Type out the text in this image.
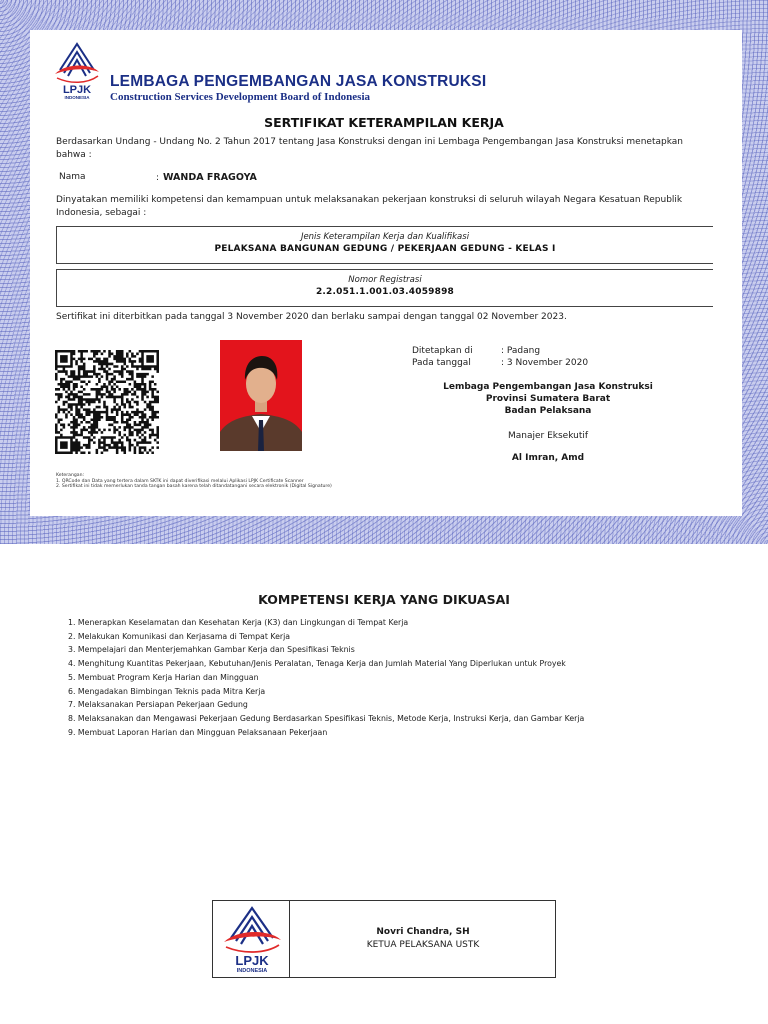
LPJK
INDONESIA
LEMBAGA PENGEMBANGAN JASA KONSTRUKSI
Construction Services Development Board of Indonesia
SERTIFIKAT KETERAMPILAN KERJA
Berdasarkan Undang - Undang No. 2 Tahun 2017 tentang Jasa Konstruksi dengan ini Lembaga Pengembangan Jasa Konstruksi menetapkan bahwa :
Nama	: WANDA FRAGOYA
Dinyatakan memiliki kompetensi dan kemampuan untuk melaksanakan pekerjaan konstruksi di seluruh wilayah Negara Kesatuan Republik Indonesia, sebagai :
Jenis Keterampilan Kerja dan Kualifikasi
PELAKSANA BANGUNAN GEDUNG / PEKERJAAN GEDUNG - KELAS I
Nomor Registrasi
2.2.051.1.001.03.4059898
Sertifikat ini diterbitkan pada tanggal 3 November 2020 dan berlaku sampai dengan tanggal 02 November 2023.
Ditetapkan di	: Padang
Pada tanggal	: 3 November 2020
Lembaga Pengembangan Jasa Konstruksi
Provinsi Sumatera Barat
Badan Pelaksana
Manajer Eksekutif
Al Imran, Amd
Keterangan:
1. QRCode dan Data yang tertera dalam SKTK ini dapat diverifikasi melalui Aplikasi LPJK Certificate Scanner
2. Sertifikat ini tidak memerlukan tanda tangan basah karena telah ditandatangani secara elektronik (Digital Signature)
KOMPETENSI KERJA YANG DIKUASAI
1. Menerapkan Keselamatan dan Kesehatan Kerja (K3) dan Lingkungan di Tempat Kerja
2. Melakukan Komunikasi dan Kerjasama di Tempat Kerja
3. Mempelajari dan Menterjemahkan Gambar Kerja dan Spesifikasi Teknis
4. Menghitung Kuantitas Pekerjaan, Kebutuhan/Jenis Peralatan, Tenaga Kerja dan Jumlah Material Yang Diperlukan untuk Proyek
5. Membuat Program Kerja Harian dan Mingguan
6. Mengadakan Bimbingan Teknis pada Mitra Kerja
7. Melaksanakan Persiapan Pekerjaan Gedung
8. Melaksanakan dan Mengawasi Pekerjaan Gedung Berdasarkan Spesifikasi Teknis, Metode Kerja, Instruksi Kerja, dan Gambar Kerja
9. Membuat Laporan Harian dan Mingguan Pelaksanaan Pekerjaan
LPJK
INDONESIA
Novri Chandra, SH
KETUA PELAKSANA USTK
